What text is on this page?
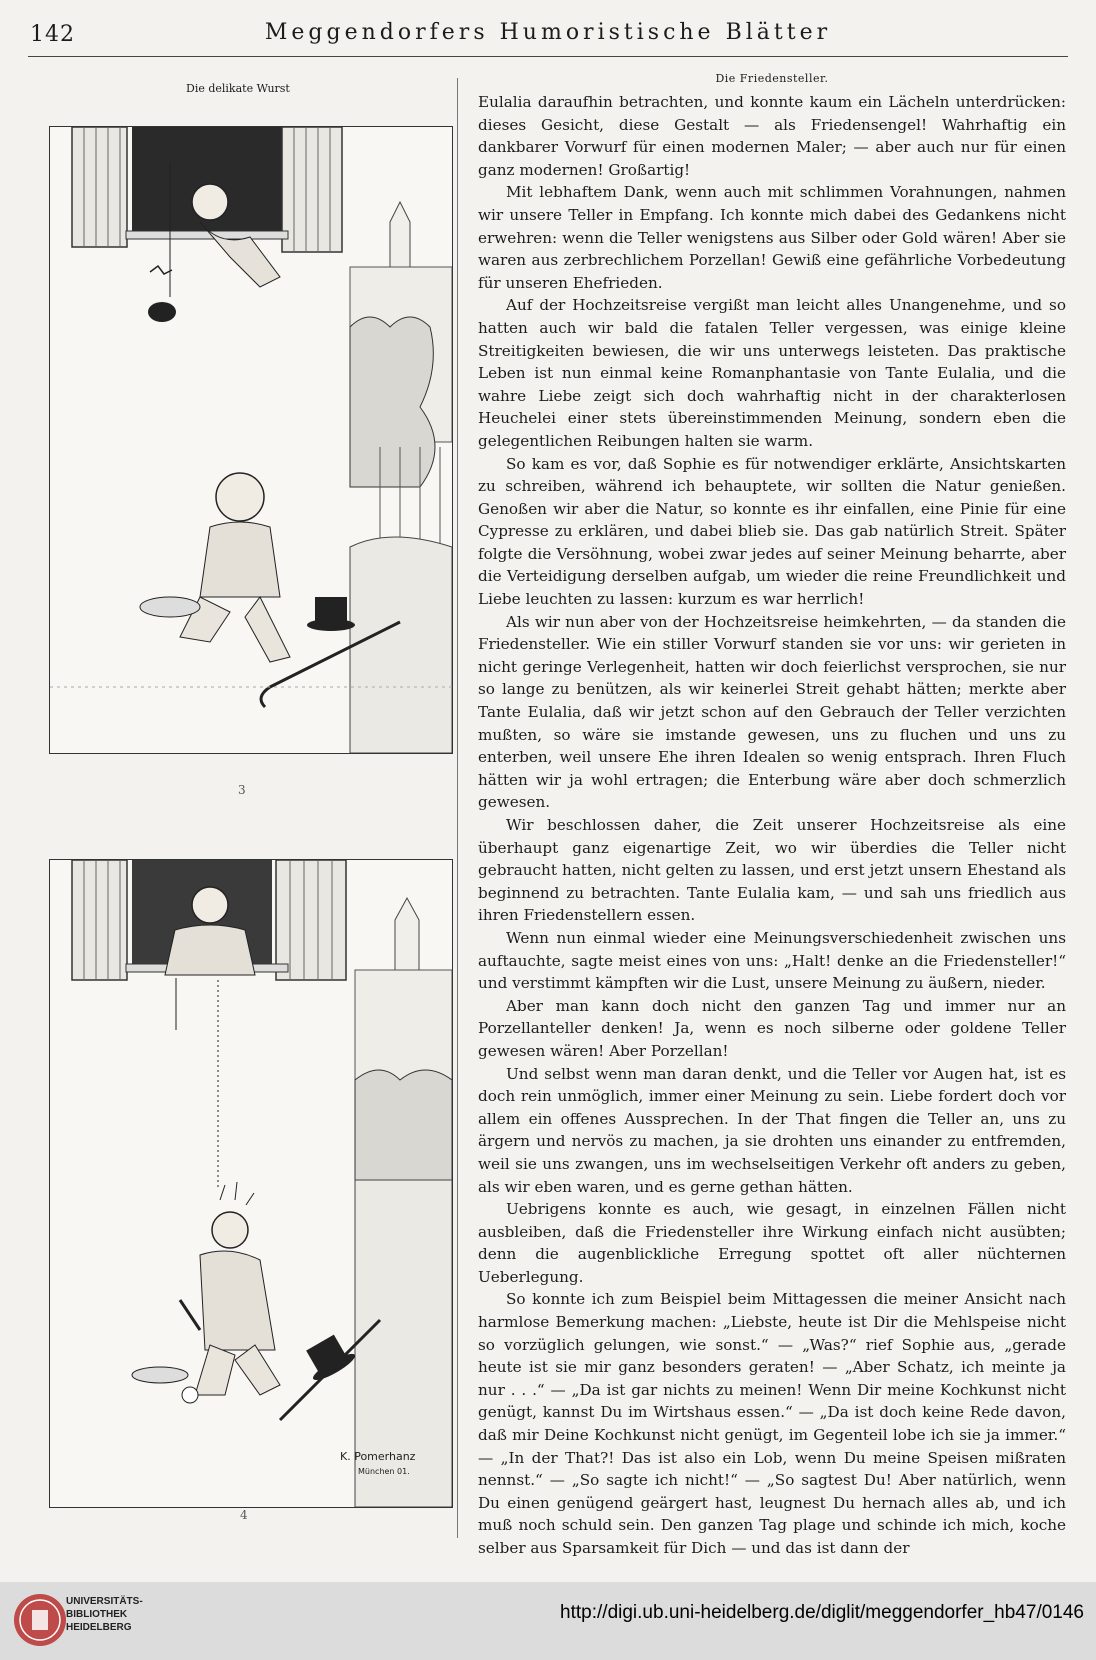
142	Meggendorfers Humoristische Blätter
Die delikate Wurst
3
K. Pomerhanz
München 01.
4
Die Friedensteller.

Eulalia daraufhin betrachten, und konnte kaum ein Lächeln unterdrücken: dieses Gesicht, diese Gestalt — als Friedensengel! Wahrhaftig ein dankbarer Vorwurf für einen modernen Maler; — aber auch nur für einen ganz modernen! Großartig!

Mit lebhaftem Dank, wenn auch mit schlimmen Vorahnungen, nahmen wir unsere Teller in Empfang. Ich konnte mich dabei des Gedankens nicht erwehren: wenn die Teller wenigstens aus Silber oder Gold wären! Aber sie waren aus zerbrechlichem Porzellan! Gewiß eine gefährliche Vorbedeutung für unseren Ehefrieden.

Auf der Hochzeitsreise vergißt man leicht alles Unangenehme, und so hatten auch wir bald die fatalen Teller vergessen, was einige kleine Streitigkeiten bewiesen, die wir uns unterwegs leisteten. Das praktische Leben ist nun einmal keine Romanphantasie von Tante Eulalia, und die wahre Liebe zeigt sich doch wahrhaftig nicht in der charakterlosen Heuchelei einer stets übereinstimmenden Meinung, sondern eben die gelegentlichen Reibungen halten sie warm.

So kam es vor, daß Sophie es für notwendiger erklärte, Ansichtskarten zu schreiben, während ich behauptete, wir sollten die Natur genießen. Genoßen wir aber die Natur, so konnte es ihr einfallen, eine Pinie für eine Cypresse zu erklären, und dabei blieb sie. Das gab natürlich Streit. Später folgte die Versöhnung, wobei zwar jedes auf seiner Meinung beharrte, aber die Verteidigung derselben aufgab, um wieder die reine Freundlichkeit und Liebe leuchten zu lassen: kurzum es war herrlich!

Als wir nun aber von der Hochzeitsreise heimkehrten, — da standen die Friedensteller. Wie ein stiller Vorwurf standen sie vor uns: wir gerieten in nicht geringe Verlegenheit, hatten wir doch feierlichst versprochen, sie nur so lange zu benützen, als wir keinerlei Streit gehabt hätten; merkte aber Tante Eulalia, daß wir jetzt schon auf den Gebrauch der Teller verzichten mußten, so wäre sie imstande gewesen, uns zu fluchen und uns zu enterben, weil unsere Ehe ihren Idealen so wenig entsprach. Ihren Fluch hätten wir ja wohl ertragen; die Enterbung wäre aber doch schmerzlich gewesen.

Wir beschlossen daher, die Zeit unserer Hochzeitsreise als eine überhaupt ganz eigenartige Zeit, wo wir überdies die Teller nicht gebraucht hatten, nicht gelten zu lassen, und erst jetzt unsern Ehestand als beginnend zu betrachten. Tante Eulalia kam, — und sah uns friedlich aus ihren Friedenstellern essen.

Wenn nun einmal wieder eine Meinungsverschiedenheit zwischen uns auftauchte, sagte meist eines von uns: „Halt! denke an die Friedensteller!“ und verstimmt kämpften wir die Lust, unsere Meinung zu äußern, nieder.

Aber man kann doch nicht den ganzen Tag und immer nur an Porzellanteller denken! Ja, wenn es noch silberne oder goldene Teller gewesen wären! Aber Porzellan!

Und selbst wenn man daran denkt, und die Teller vor Augen hat, ist es doch rein unmöglich, immer einer Meinung zu sein. Liebe fordert doch vor allem ein offenes Aussprechen. In der That fingen die Teller an, uns zu ärgern und nervös zu machen, ja sie drohten uns einander zu entfremden, weil sie uns zwangen, uns im wechselseitigen Verkehr oft anders zu geben, als wir eben waren, und es gerne gethan hätten.

Uebrigens konnte es auch, wie gesagt, in einzelnen Fällen nicht ausbleiben, daß die Friedensteller ihre Wirkung einfach nicht ausübten; denn die augenblickliche Erregung spottet oft aller nüchternen Ueberlegung.

So konnte ich zum Beispiel beim Mittagessen die meiner Ansicht nach harmlose Bemerkung machen: „Liebste, heute ist Dir die Mehlspeise nicht so vorzüglich gelungen, wie sonst.“ — „Was?“ rief Sophie aus, „gerade heute ist sie mir ganz besonders geraten! — „Aber Schatz, ich meinte ja nur . . .“ — „Da ist gar nichts zu meinen! Wenn Dir meine Kochkunst nicht genügt, kannst Du im Wirtshaus essen.“ — „Da ist doch keine Rede davon, daß mir Deine Kochkunst nicht genügt, im Gegenteil lobe ich sie ja immer.“ — „In der That?! Das ist also ein Lob, wenn Du meine Speisen mißraten nennst.“ — „So sagte ich nicht!“ — „So sagtest Du! Aber natürlich, wenn Du einen genügend geärgert hast, leugnest Du hernach alles ab, und ich muß noch schuld sein. Den ganzen Tag plage und schinde ich mich, koche selber aus Sparsamkeit für Dich — und das ist dann der

UNIVERSITÄTS-
BIBLIOTHEK
HEIDELBERG
http://digi.ub.uni-heidelberg.de/diglit/meggendorfer_hb47/0146
